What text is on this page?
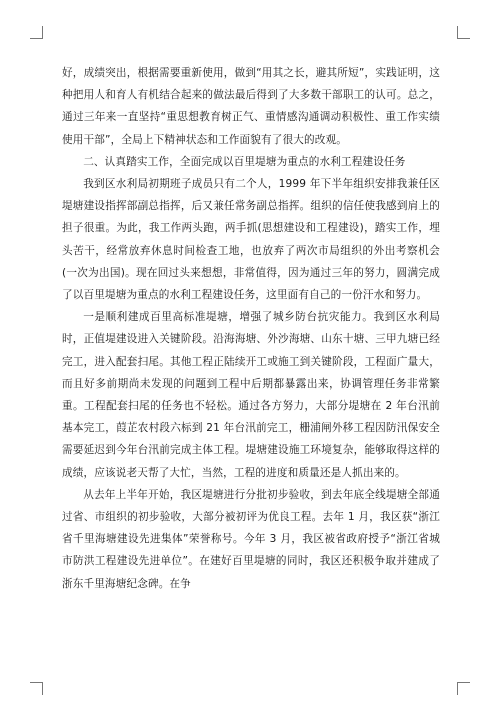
好，成绩突出，根据需要重新使用，做到“用其之长，避其所短”，实践证明，这种把用人和育人有机结合起来的做法最后得到了大多数干部职工的认可。总之，通过三年来一直坚持“重思想教育树正气、重情感沟通调动积极性、重工作实绩使用干部”，全局上下精神状态和工作面貌有了很大的改观。

二、认真踏实工作，全面完成以百里堤塘为重点的水利工程建设任务

我到区水利局初期班子成员只有二个人，1999 年下半年组织安排我兼任区堤塘建设指挥部副总指挥，后又兼任常务副总指挥。组织的信任使我感到肩上的担子很重。为此，我工作两头跑，两手抓(思想建设和工程建设)，踏实工作，埋头苦干，经常放弃休息时间检查工地，也放弃了两次市局组织的外出考察机会(一次为出国)。现在回过头来想想，非常值得，因为通过三年的努力，圆满完成了以百里堤塘为重点的水利工程建设任务，这里面有自己的一份汗水和努力。

一是顺利建成百里高标准堤塘，增强了城乡防台抗灾能力。我到区水利局时，正值堤建设进入关键阶段。沿海海塘、外沙海塘、山东十塘、三甲九塘已经完工，进入配套扫尾。其他工程正陆续开工或施工到关键阶段，工程面广量大，而且好多前期尚未发现的问题到工程中后期都暴露出来，协调管理任务非常繁重。工程配套扫尾的任务也不轻松。通过各方努力，大部分堤塘在 2 年台汛前基本完工，葭芷农村段六标到 21 年台汛前完工，栅浦闸外移工程因防汛保安全需要延迟到今年台汛前完成主体工程。堤塘建设施工环境复杂，能够取得这样的成绩，应该说老天帮了大忙，当然，工程的进度和质量还是人抓出来的。

从去年上半年开始，我区堤塘进行分批初步验收，到去年底全线堤塘全部通过省、市组织的初步验收，大部分被初评为优良工程。去年 1 月，我区获“浙江省千里海塘建设先进集体”荣誉称号。今年 3 月，我区被省政府授予“浙江省城市防洪工程建设先进单位”。在建好百里堤塘的同时，我区还积极争取并建成了浙东千里海塘纪念碑。在争
